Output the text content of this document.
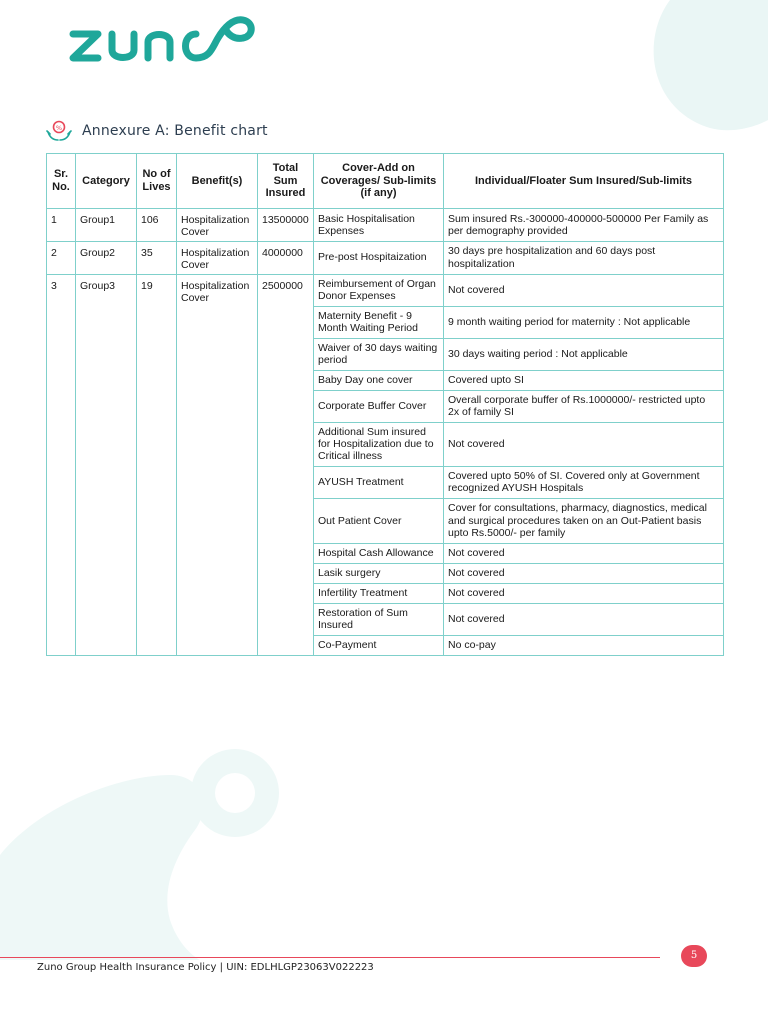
% Annexure A: Benefit chart
Sr. No.	Category	No of Lives	Benefit(s)	Total Sum Insured	Cover-Add on Coverages/ Sub-limits (if any)	Individual/Floater Sum Insured/Sub-limits
1	Group1	106	Hospitalization Cover	13500000	Basic Hospitalisation Expenses	Sum insured Rs.-300000-400000-500000 Per Family as per demography provided
2	Group2	35	Hospitalization Cover	4000000	Pre-post Hospitaization	30 days pre hospitalization and 60 days post hospitalization
3	Group3	19	Hospitalization Cover	2500000	Reimbursement of Organ Donor Expenses	Not covered
					Maternity Benefit - 9 Month Waiting Period	9 month waiting period for maternity : Not applicable
					Waiver of 30 days waiting period	30 days waiting period : Not applicable
					Baby Day one cover	Covered upto SI
					Corporate Buffer Cover	Overall corporate buffer of Rs.1000000/- restricted upto 2x of family SI
					Additional Sum insured for Hospitalization due to Critical illness	Not covered
					AYUSH Treatment	Covered upto 50% of SI. Covered only at Government recognized AYUSH Hospitals
					Out Patient Cover	Cover for consultations, pharmacy, diagnostics, medical and surgical procedures taken on an Out-Patient basis upto Rs.5000/- per family
					Hospital Cash Allowance	Not covered
					Lasik surgery	Not covered
					Infertility Treatment	Not covered
					Restoration of Sum Insured	Not covered
					Co-Payment	No co-pay
Zuno Group Health Insurance Policy | UIN: EDLHLGP23063V022223
5
